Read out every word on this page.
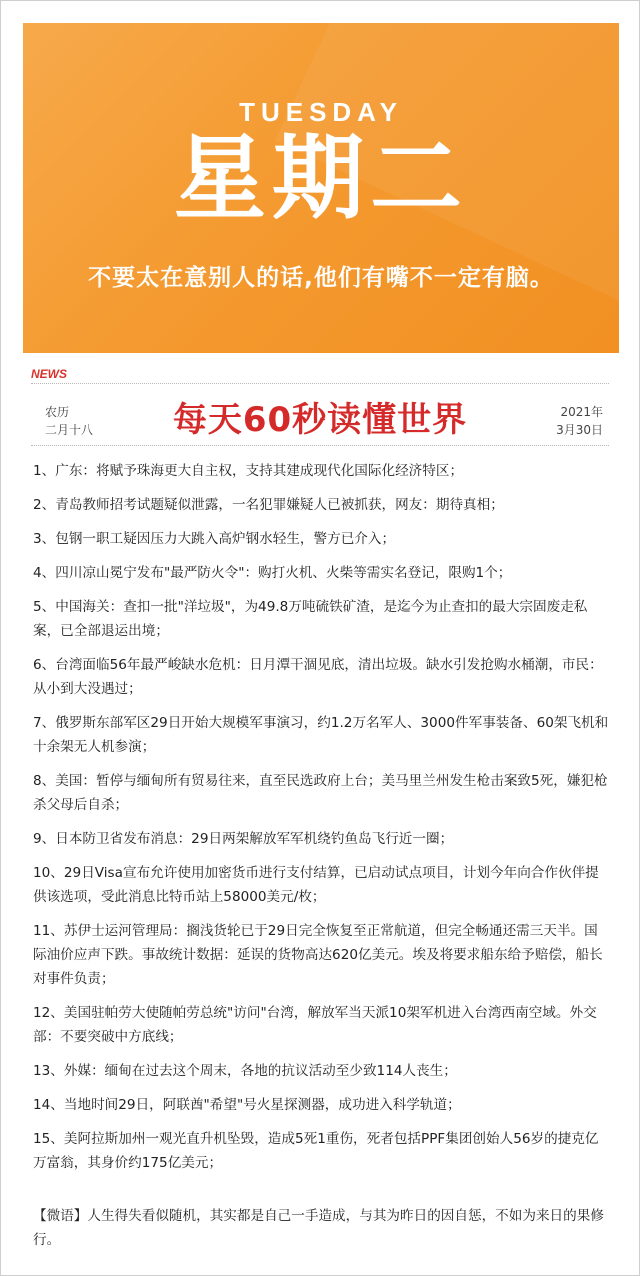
TUESDAY
星期二
不要太在意别人的话,他们有嘴不一定有脑。
NEWS
农历
二月十八	每天60秒读懂世界	2021年
3月30日
1、广东：将赋予珠海更大自主权，支持其建成现代化国际化经济特区；
2、青岛教师招考试题疑似泄露，一名犯罪嫌疑人已被抓获，网友：期待真相；
3、包钢一职工疑因压力大跳入高炉钢水轻生，警方已介入；
4、四川凉山冕宁发布"最严防火令"：购打火机、火柴等需实名登记，限购1个；
5、中国海关：查扣一批"洋垃圾"，为49.8万吨硫铁矿渣，是迄今为止查扣的最大宗固废走私案，已全部退运出境；
6、台湾面临56年最严峻缺水危机：日月潭干涸见底，清出垃圾。缺水引发抢购水桶潮，市民：从小到大没遇过；
7、俄罗斯东部军区29日开始大规模军事演习，约1.2万名军人、3000件军事装备、60架飞机和十余架无人机参演；
8、美国：暂停与缅甸所有贸易往来，直至民选政府上台；美马里兰州发生枪击案致5死，嫌犯枪杀父母后自杀；
9、日本防卫省发布消息：29日两架解放军军机绕钓鱼岛飞行近一圈；
10、29日Visa宣布允许使用加密货币进行支付结算，已启动试点项目，计划今年向合作伙伴提供该选项，受此消息比特币站上58000美元/枚；
11、苏伊士运河管理局：搁浅货轮已于29日完全恢复至正常航道，但完全畅通还需三天半。国际油价应声下跌。事故统计数据：延误的货物高达620亿美元。埃及将要求船东给予赔偿，船长对事件负责；
12、美国驻帕劳大使随帕劳总统"访问"台湾，解放军当天派10架军机进入台湾西南空域。外交部：不要突破中方底线；
13、外媒：缅甸在过去这个周末，各地的抗议活动至少致114人丧生；
14、当地时间29日，阿联酋"希望"号火星探测器，成功进入科学轨道；
15、美阿拉斯加州一观光直升机坠毁，造成5死1重伤，死者包括PPF集团创始人56岁的捷克亿万富翁，其身价约175亿美元；
【微语】人生得失看似随机，其实都是自己一手造成，与其为昨日的因自惩，不如为来日的果修行。
